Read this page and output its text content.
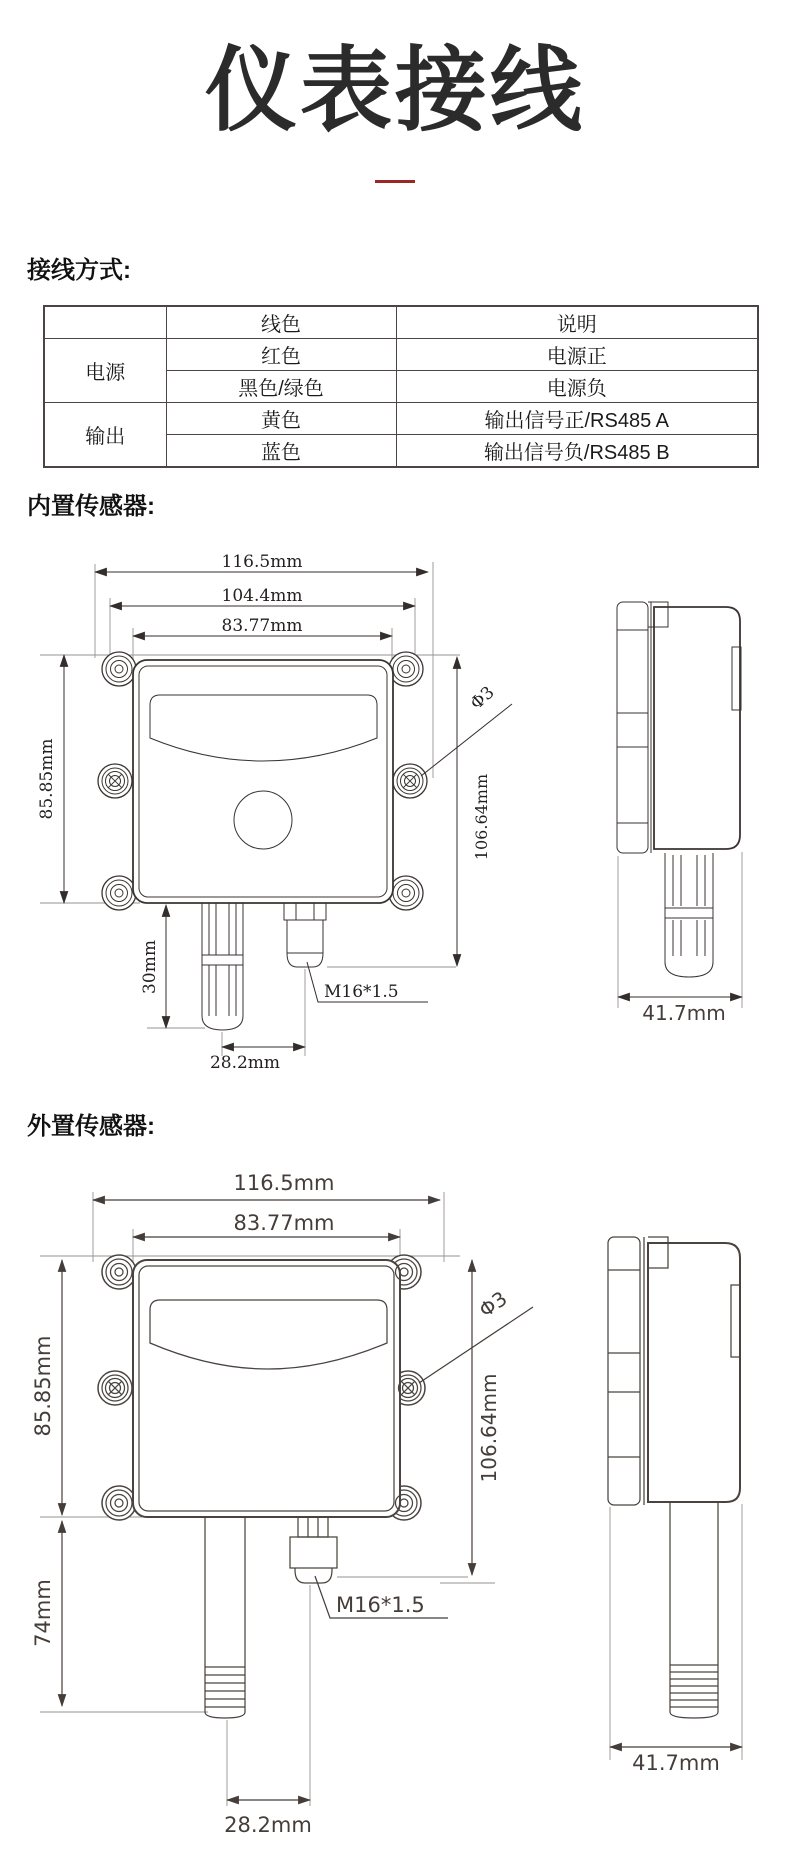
仪表接线
接线方式:
	线色	说明
电源	红色	电源正
	黑色/绿色	电源负
输出	黄色	输出信号正/RS485 A
	蓝色	输出信号负/RS485 B
内置传感器:
116.5mm
104.4mm
83.77mm
85.85mm
30mm
Φ3
106.64mm
M16*1.5
28.2mm
41.7mm
外置传感器:
116.5mm
83.77mm
85.85mm
74mm
Φ3
106.64mm
M16*1.5
28.2mm
41.7mm
